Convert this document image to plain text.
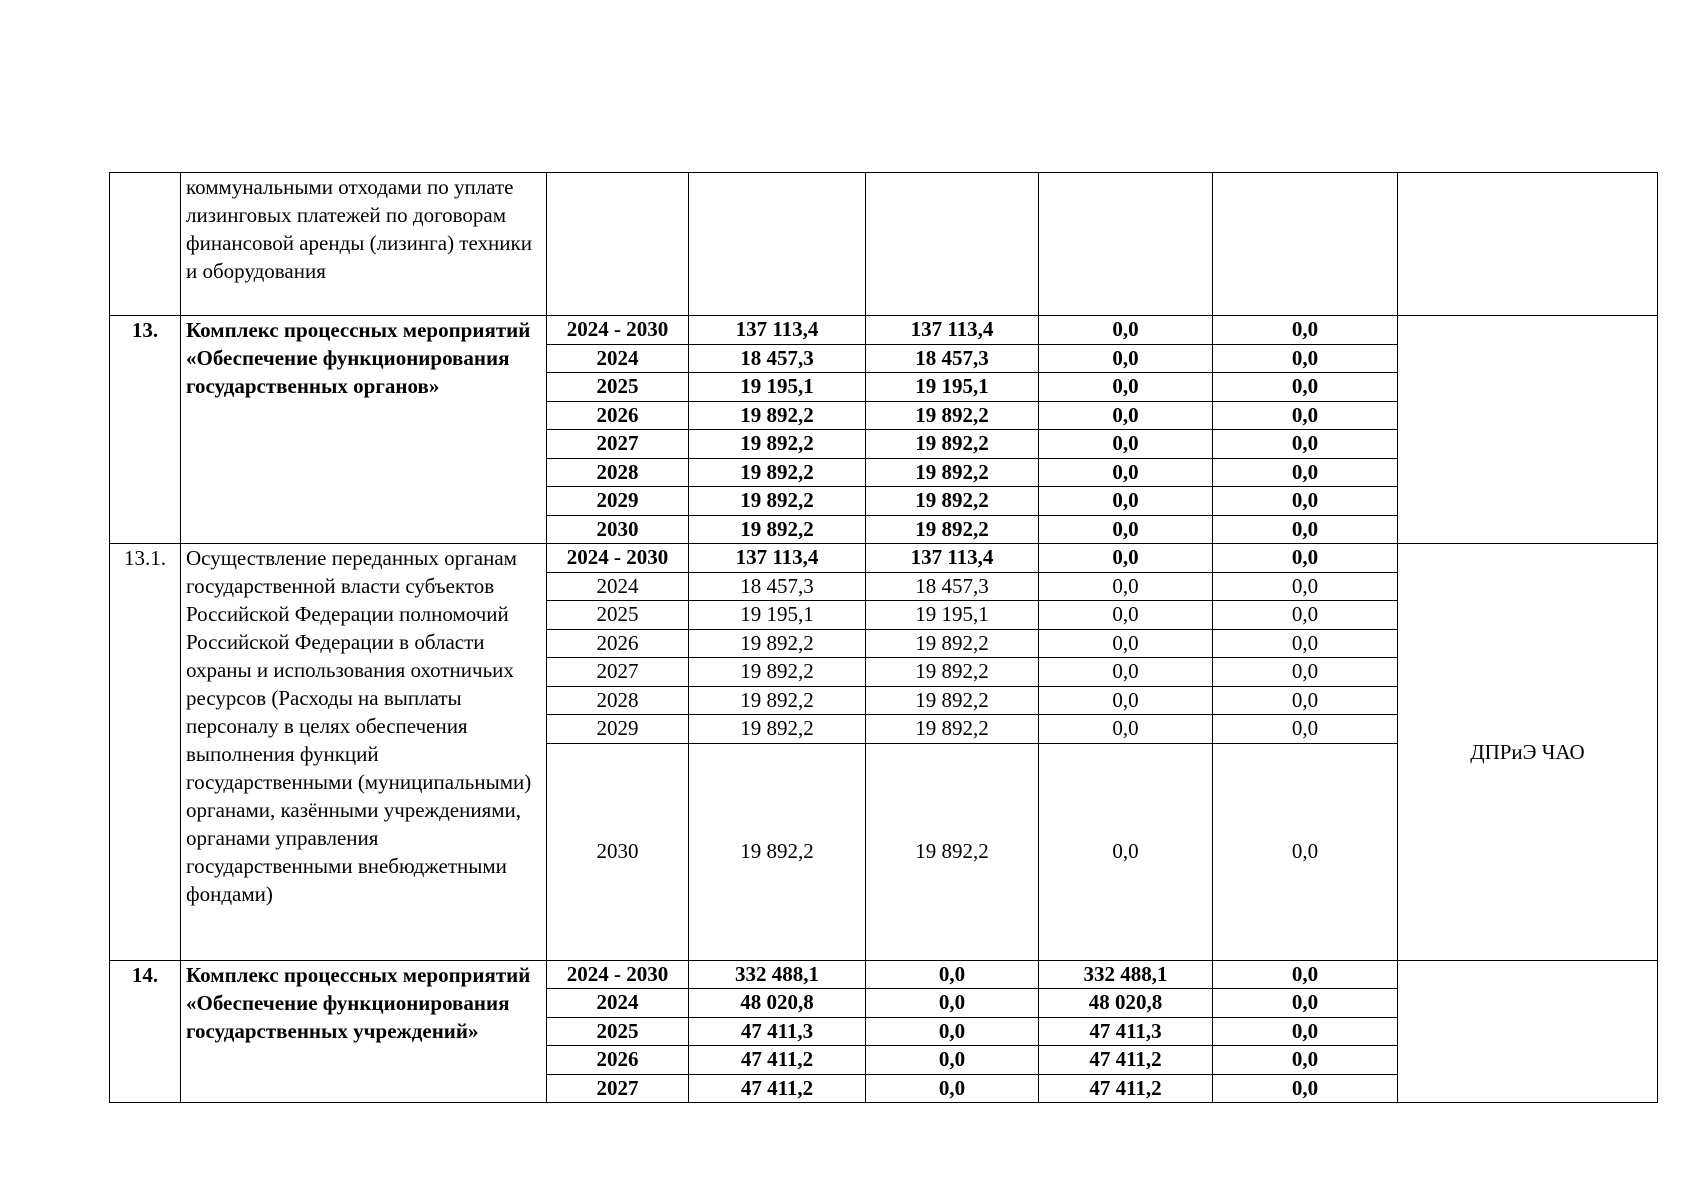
	коммунальными отходами по уплате лизинговых платежей по договорам финансовой аренды (лизинга) техники и оборудования						
13.	Комплекс процессных мероприятий «Обеспечение функционирования государственных органов»	2024 - 2030	137 113,4	137 113,4	0,0	0,0	
		2024	18 457,3	18 457,3	0,0	0,0	
		2025	19 195,1	19 195,1	0,0	0,0	
		2026	19 892,2	19 892,2	0,0	0,0	
		2027	19 892,2	19 892,2	0,0	0,0	
		2028	19 892,2	19 892,2	0,0	0,0	
		2029	19 892,2	19 892,2	0,0	0,0	
		2030	19 892,2	19 892,2	0,0	0,0	
13.1.	Осуществление переданных органам государственной власти субъектов Российской Федерации полномочий Российской Федерации в области охраны и использования охотничьих ресурсов (Расходы на выплаты персоналу в целях обеспечения выполнения функций государственными (муниципальными) органами, казёнными учреждениями, органами управления государственными внебюджетными фондами)	2024 - 2030	137 113,4	137 113,4	0,0	0,0	ДПРиЭ ЧАО
		2024	18 457,3	18 457,3	0,0	0,0	
		2025	19 195,1	19 195,1	0,0	0,0	
		2026	19 892,2	19 892,2	0,0	0,0	
		2027	19 892,2	19 892,2	0,0	0,0	
		2028	19 892,2	19 892,2	0,0	0,0	
		2029	19 892,2	19 892,2	0,0	0,0	
		2030	19 892,2	19 892,2	0,0	0,0	
14.	Комплекс процессных мероприятий «Обеспечение функционирования государственных учреждений»	2024 - 2030	332 488,1	0,0	332 488,1	0,0	
		2024	48 020,8	0,0	48 020,8	0,0	
		2025	47 411,3	0,0	47 411,3	0,0	
		2026	47 411,2	0,0	47 411,2	0,0	
		2027	47 411,2	0,0	47 411,2	0,0	
